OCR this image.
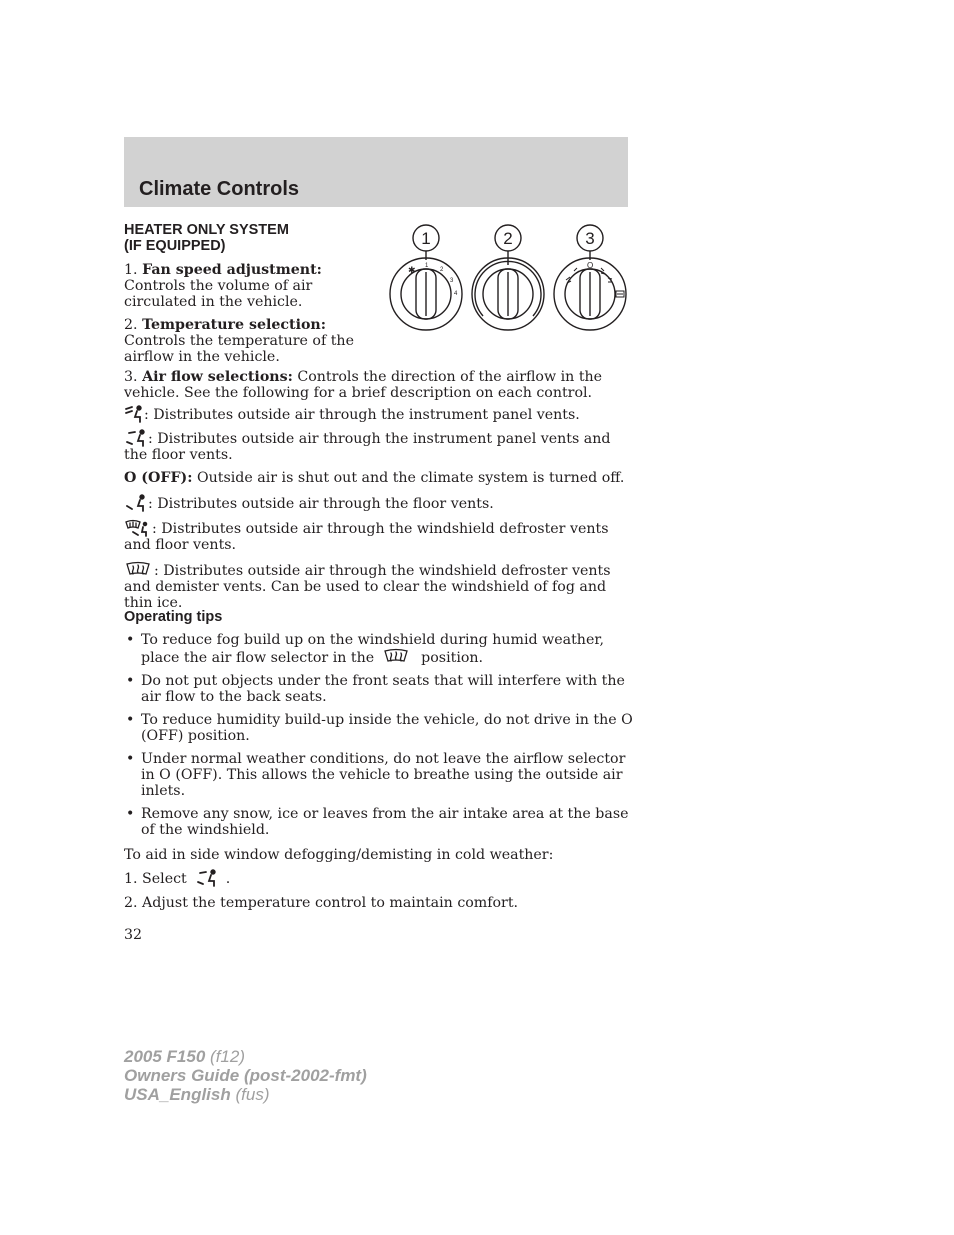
Climate Controls
HEATER ONLY SYSTEM
(IF EQUIPPED)	1	2	3
✱ 1
2
3
4
O
1. Fan speed adjustment: Controls the volume of air circulated in the vehicle.
2. Temperature selection: Controls the temperature of the airflow in the vehicle.
3. Air flow selections: Controls the direction of the airflow in the vehicle. See the following for a brief description on each control.
: Distributes outside air through the instrument panel vents.
: Distributes outside air through the instrument panel vents and the floor vents.
O (OFF): Outside air is shut out and the climate system is turned off.
: Distributes outside air through the floor vents.
: Distributes outside air through the windshield defroster vents and floor vents.
: Distributes outside air through the windshield defroster vents and demister vents. Can be used to clear the windshield of fog and thin ice.
Operating tips
• To reduce fog build up on the windshield during humid weather, place the air flow selector in the	position.
• Do not put objects under the front seats that will interfere with the air flow to the back seats.
• To reduce humidity build-up inside the vehicle, do not drive in the O (OFF) position.
• Under normal weather conditions, do not leave the airflow selector in O (OFF). This allows the vehicle to breathe using the outside air inlets.
• Remove any snow, ice or leaves from the air intake area at the base of the windshield.
To aid in side window defogging/demisting in cold weather:
1. Select	.
2. Adjust the temperature control to maintain comfort.
32
2005 F150 (f12)
Owners Guide (post-2002-fmt)
USA_English (fus)
